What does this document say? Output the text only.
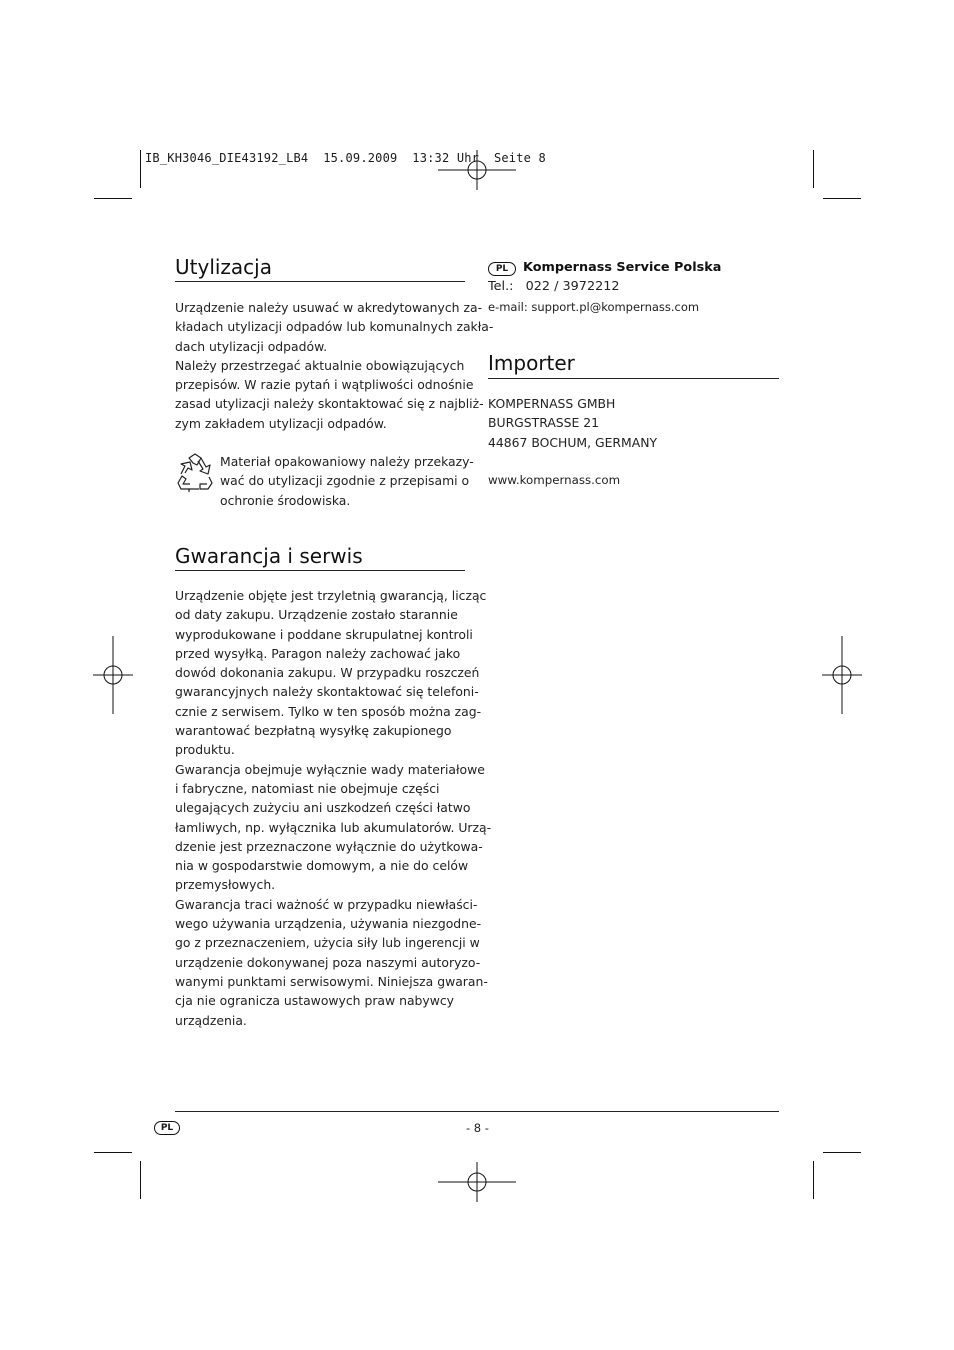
IB_KH3046_DIE43192_LB4  15.09.2009  13:32 Uhr  Seite 8
Utylizacja
Urządzenie należy usuwać w akredytowanych za-
kładach utylizacji odpadów lub komunalnych zakła-
dach utylizacji odpadów.
Należy przestrzegać aktualnie obowiązujących
przepisów. W razie pytań i wątpliwości odnośnie
zasad utylizacji należy skontaktować się z najbliż-
zym zakładem utylizacji odpadów.
Materiał opakowaniowy należy przekazy-
wać do utylizacji zgodnie z przepisami o
ochronie środowiska.
Gwarancja i serwis
Urządzenie objęte jest trzyletnią gwarancją, licząc
od daty zakupu. Urządzenie zostało starannie
wyprodukowane i poddane skrupulatnej kontroli
przed wysyłką. Paragon należy zachować jako
dowód dokonania zakupu. W przypadku roszczeń
gwarancyjnych należy skontaktować się telefoni-
cznie z serwisem. Tylko w ten sposób można zag-
warantować bezpłatną wysyłkę zakupionego
produktu.
Gwarancja obejmuje wyłącznie wady materiałowe
i fabryczne, natomiast nie obejmuje części
ulegających zużyciu ani uszkodzeń części łatwo
łamliwych, np. wyłącznika lub akumulatorów. Urzą-
dzenie jest przeznaczone wyłącznie do użytkowa-
nia w gospodarstwie domowym, a nie do celów
przemysłowych.
Gwarancja traci ważność w przypadku niewłaści-
wego używania urządzenia, używania niezgodne-
go z przeznaczeniem, użycia siły lub ingerencji w
urządzenie dokonywanej poza naszymi autoryzo-
wanymi punktami serwisowymi. Niniejsza gwaran-
cja nie ogranicza ustawowych praw nabywcy
urządzenia.
PL	Kompernass Service Polska
Tel.:   022 / 3972212
e-mail: support.pl@kompernass.com
Importer
KOMPERNASS GMBH
BURGSTRASSE 21
44867 BOCHUM, GERMANY
www.kompernass.com
PL	- 8 -
